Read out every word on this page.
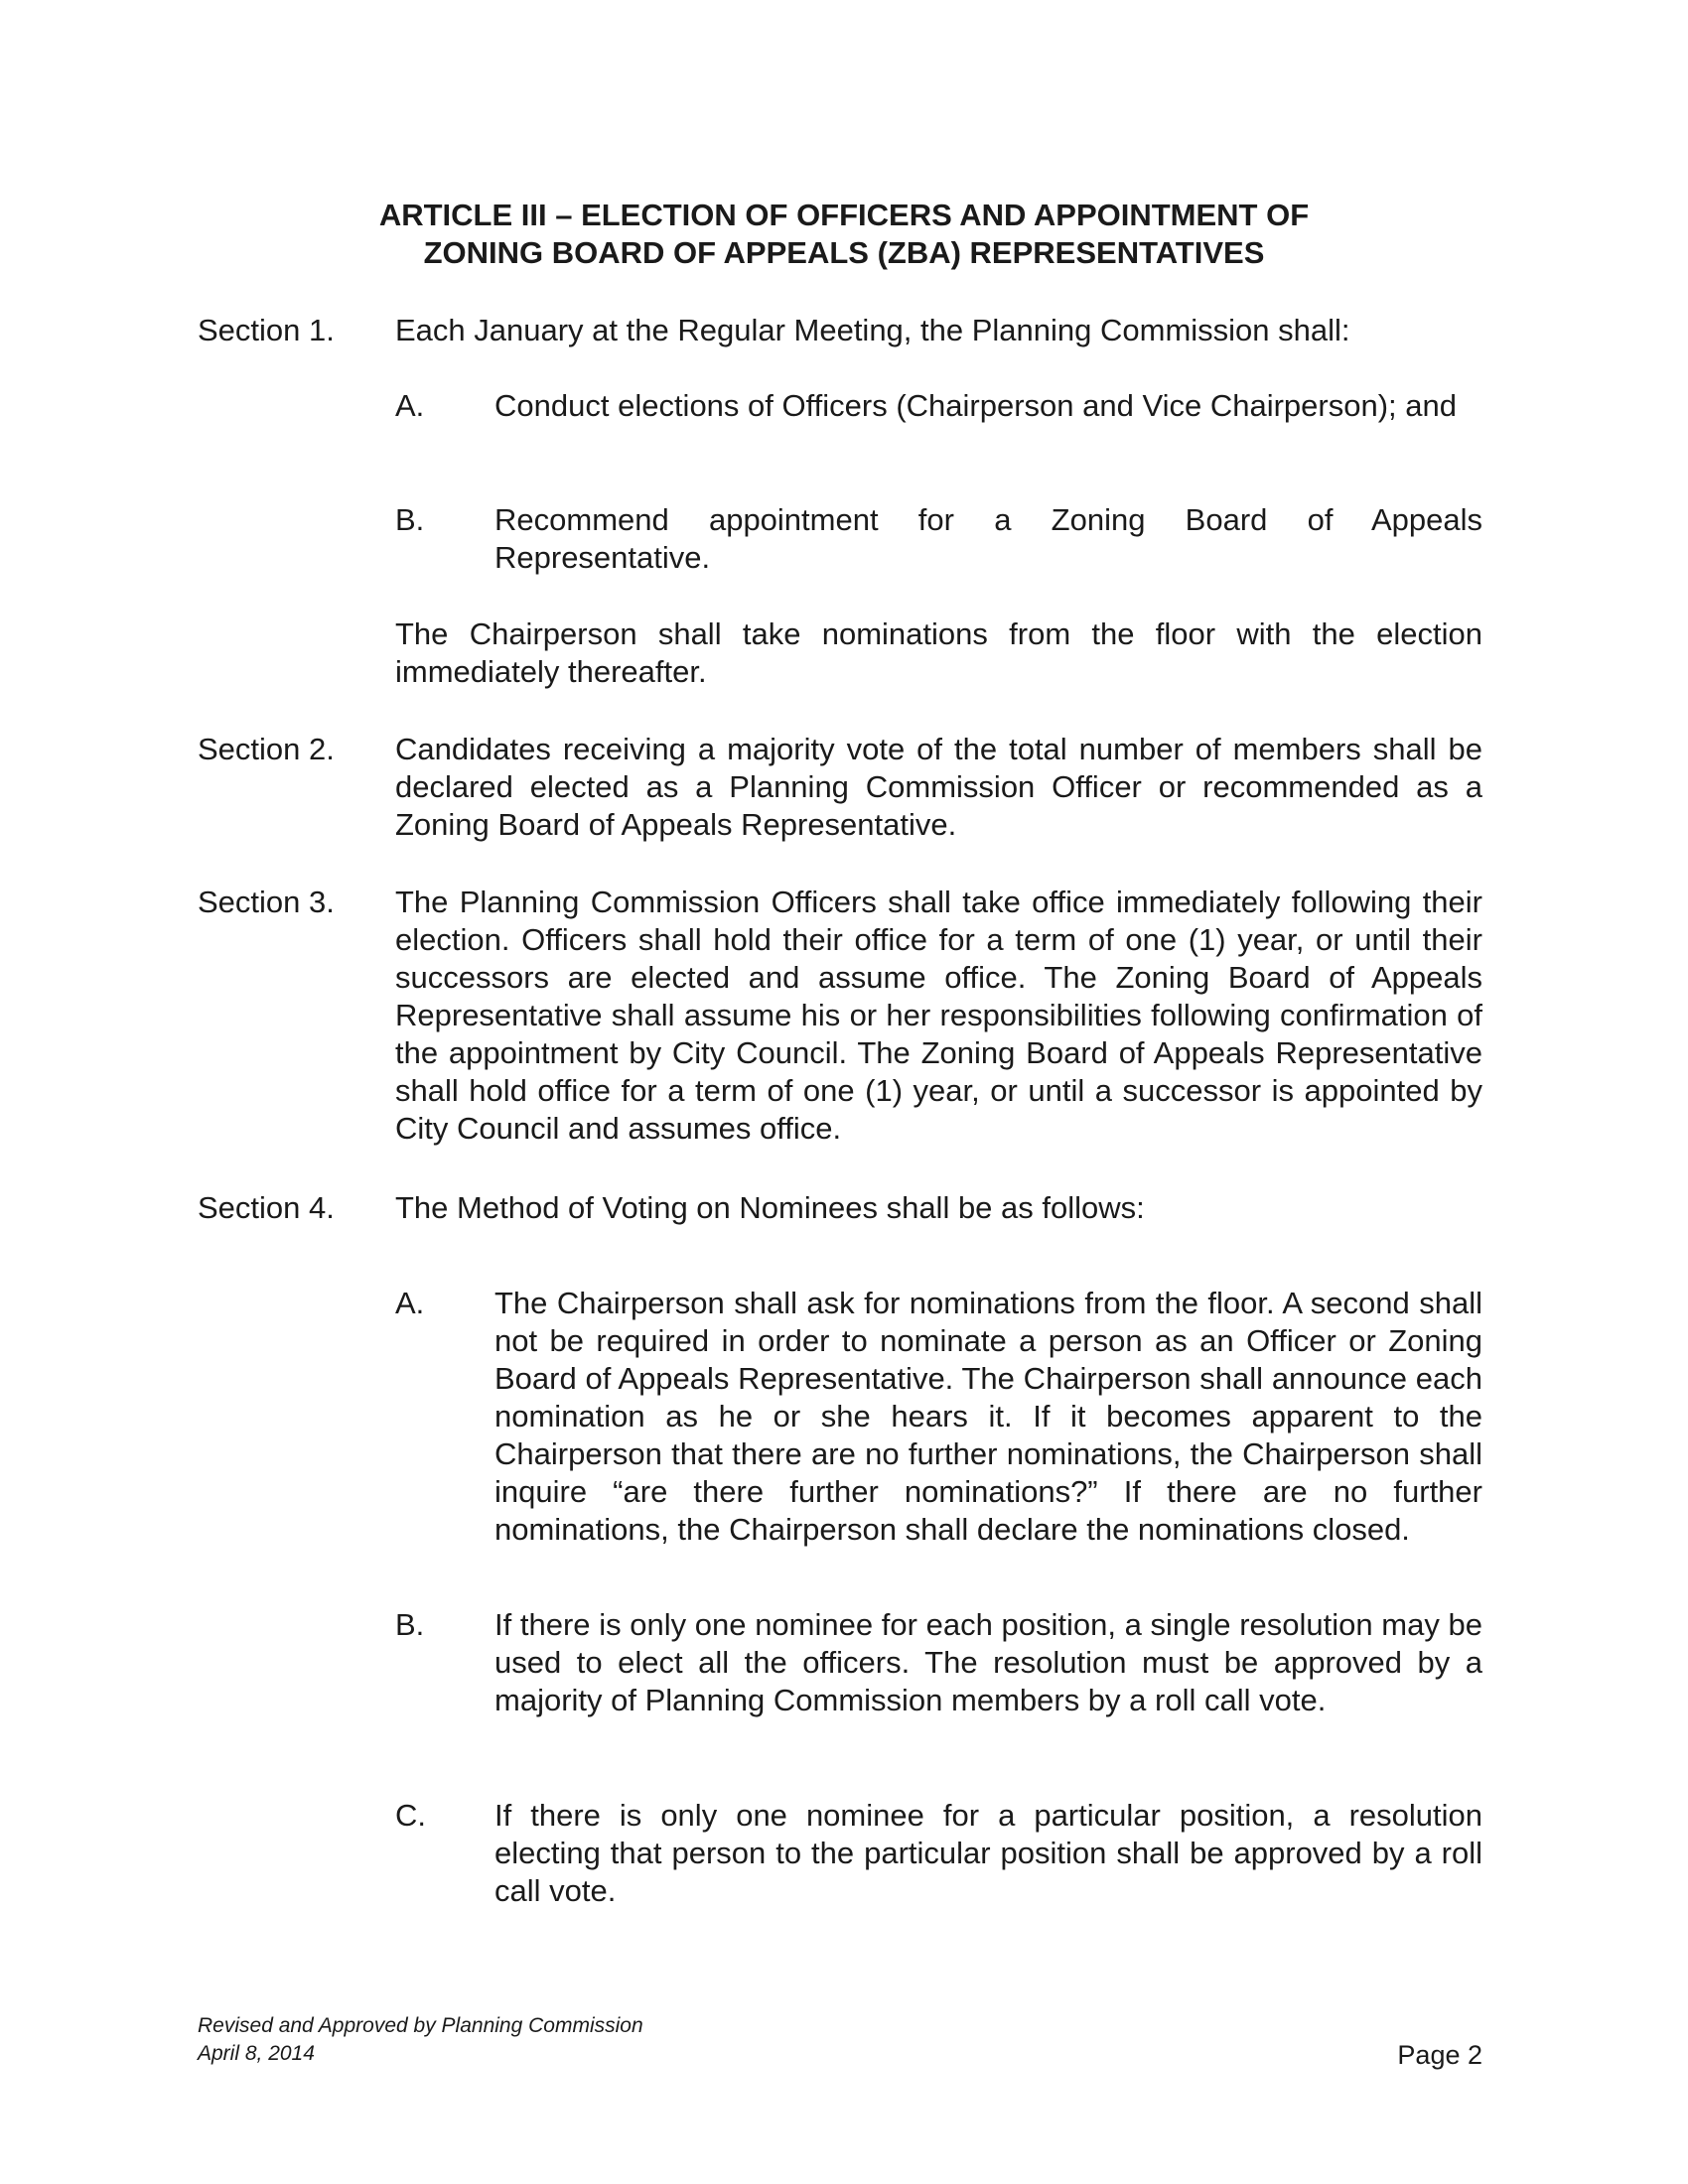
ARTICLE III – ELECTION OF OFFICERS AND APPOINTMENT OF
ZONING BOARD OF APPEALS (ZBA) REPRESENTATIVES
Section 1. Each January at the Regular Meeting, the Planning Commission shall:
A. Conduct elections of Officers (Chairperson and Vice Chairperson); and
B. Recommend appointment for a Zoning Board of Appeals Representative.
The Chairperson shall take nominations from the floor with the election immediately thereafter.
Section 2. Candidates receiving a majority vote of the total number of members shall be declared elected as a Planning Commission Officer or recommended as a Zoning Board of Appeals Representative.
Section 3. The Planning Commission Officers shall take office immediately following their election. Officers shall hold their office for a term of one (1) year, or until their successors are elected and assume office. The Zoning Board of Appeals Representative shall assume his or her responsibilities following confirmation of the appointment by City Council. The Zoning Board of Appeals Representative shall hold office for a term of one (1) year, or until a successor is appointed by City Council and assumes office.
Section 4. The Method of Voting on Nominees shall be as follows:
A. The Chairperson shall ask for nominations from the floor. A second shall not be required in order to nominate a person as an Officer or Zoning Board of Appeals Representative. The Chairperson shall announce each nomination as he or she hears it. If it becomes apparent to the Chairperson that there are no further nominations, the Chairperson shall inquire “are there further nominations?” If there are no further nominations, the Chairperson shall declare the nominations closed.
B. If there is only one nominee for each position, a single resolution may be used to elect all the officers. The resolution must be approved by a majority of Planning Commission members by a roll call vote.
C. If there is only one nominee for a particular position, a resolution electing that person to the particular position shall be approved by a roll call vote.
Revised and Approved by Planning Commission
April 8, 2014	Page 2
